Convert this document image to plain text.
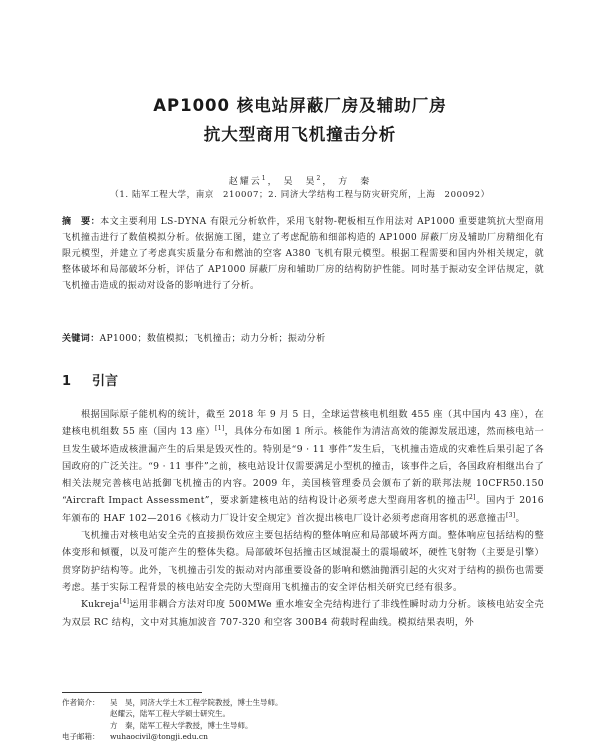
AP1000 核电站屏蔽厂房及辅助厂房
抗大型商用飞机撞击分析
赵耀云$^1$， 吴　昊$^2$， 方　秦
（1. 陆军工程大学，南京　210007；2. 同济大学结构工程与防灾研究所，上海　200092）

摘　要：本文主要利用 LS-DYNA 有限元分析软件，采用飞射物-靶板相互作用法对 AP1000 重要建筑抗大型商用飞机撞击进行了数值模拟分析。依据施工图，建立了考虑配筋和细部构造的 AP1000 屏蔽厂房及辅助厂房精细化有限元模型，并建立了考虑真实质量分布和燃油的空客 A380 飞机有限元模型。根据工程需要和国内外相关规定，就整体破坏和局部破坏分析，评估了 AP1000 屏蔽厂房和辅助厂房的结构防护性能。同时基于振动安全评估规定，就飞机撞击造成的振动对设备的影响进行了分析。

关键词：AP1000；数值模拟；飞机撞击；动力分析；振动分析
1 引言

根据国际原子能机构的统计，截至 2018 年 9 月 5 日，全球运营核电机组数 455 座（其中国内 43 座），在建核电机组数 55 座（国内 13 座）[1]，具体分布如图 1 所示。核能作为清洁高效的能源发展迅速，然而核电站一旦发生破坏造成核泄漏产生的后果是毁灭性的。特别是“9 · 11 事件”发生后，飞机撞击造成的灾难性后果引起了各国政府的广泛关注。“9 · 11 事件”之前，核电站设计仅需要满足小型机的撞击，该事件之后，各国政府相继出台了相关法规完善核电站抵御飞机撞击的内容。2009 年，美国核管理委员会颁布了新的联邦法规 10CFR50.150 “Aircraft Impact Assessment”，要求新建核电站的结构设计必须考虑大型商用客机的撞击[2]。国内于 2016 年颁布的 HAF 102—2016《核动力厂设计安全规定》首次提出核电厂设计必须考虑商用客机的恶意撞击[3]。

飞机撞击对核电站安全壳的直接损伤效应主要包括结构的整体响应和局部破坏两方面。整体响应包括结构的整体变形和倾覆，以及可能产生的整体失稳。局部破坏包括撞击区域混凝土的震塌破坏，硬性飞射物（主要是引擎）贯穿防护结构等。此外，飞机撞击引发的振动对内部重要设备的影响和燃油抛洒引起的火灾对于结构的损伤也需要考虑。基于实际工程背景的核电站安全壳防大型商用飞机撞击的安全评估相关研究已经有很多。

Kukreja[4]运用非耦合方法对印度 500MWe 重水堆安全壳结构进行了非线性瞬时动力分析。该核电站安全壳为双层 RC 结构，文中对其施加波音 707-320 和空客 300B4 荷载时程曲线。模拟结果表明，外

作者简介：	吴　昊，同济大学土木工程学院教授，博士生导师。
赵耀云，陆军工程大学硕士研究生。
方　秦，陆军工程大学教授，博士生导师。
电子邮箱：	wuhaocivil@tongji.edu.cn
